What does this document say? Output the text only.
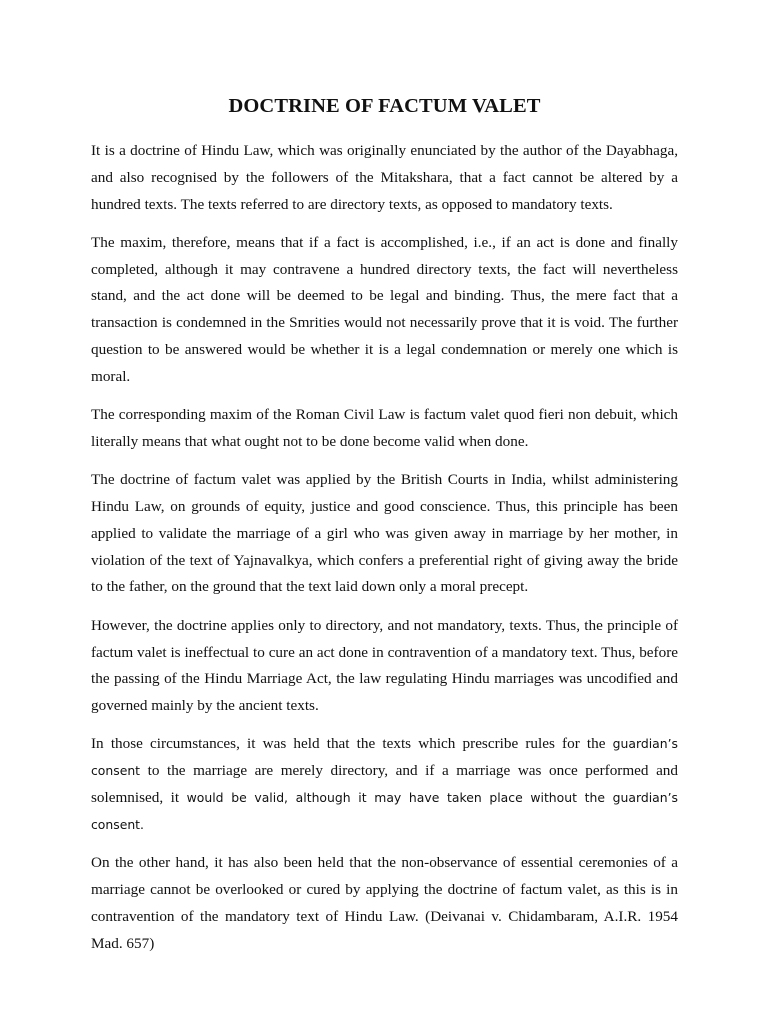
DOCTRINE OF FACTUM VALET

It is a doctrine of Hindu Law, which was originally enunciated by the author of the Dayabhaga, and also recognised by the followers of the Mitakshara, that a fact cannot be altered by a hundred texts. The texts referred to are directory texts, as opposed to mandatory texts.

The maxim, therefore, means that if a fact is accomplished, i.e., if an act is done and finally completed, although it may contravene a hundred directory texts, the fact will nevertheless stand, and the act done will be deemed to be legal and binding. Thus, the mere fact that a transaction is condemned in the Smrities would not necessarily prove that it is void. The further question to be answered would be whether it is a legal condemnation or merely one which is moral.

The corresponding maxim of the Roman Civil Law is factum valet quod fieri non debuit, which literally means that what ought not to be done become valid when done.

The doctrine of factum valet was applied by the British Courts in India, whilst administering Hindu Law, on grounds of equity, justice and good conscience. Thus, this principle has been applied to validate the marriage of a girl who was given away in marriage by her mother, in violation of the text of Yajnavalkya, which confers a preferential right of giving away the bride to the father, on the ground that the text laid down only a moral precept.

However, the doctrine applies only to directory, and not mandatory, texts. Thus, the principle of factum valet is ineffectual to cure an act done in contravention of a mandatory text. Thus, before the passing of the Hindu Marriage Act, the law regulating Hindu marriages was uncodified and governed mainly by the ancient texts.

In those circumstances, it was held that the texts which prescribe rules for the guardian’s consent to the marriage are merely directory, and if a marriage was once performed and solemnised, it would be valid, although it may have taken place without the guardian’s consent.

On the other hand, it has also been held that the non-observance of essential ceremonies of a marriage cannot be overlooked or cured by applying the doctrine of factum valet, as this is in contravention of the mandatory text of Hindu Law. (Deivanai v. Chidambaram, A.I.R. 1954 Mad. 657)
